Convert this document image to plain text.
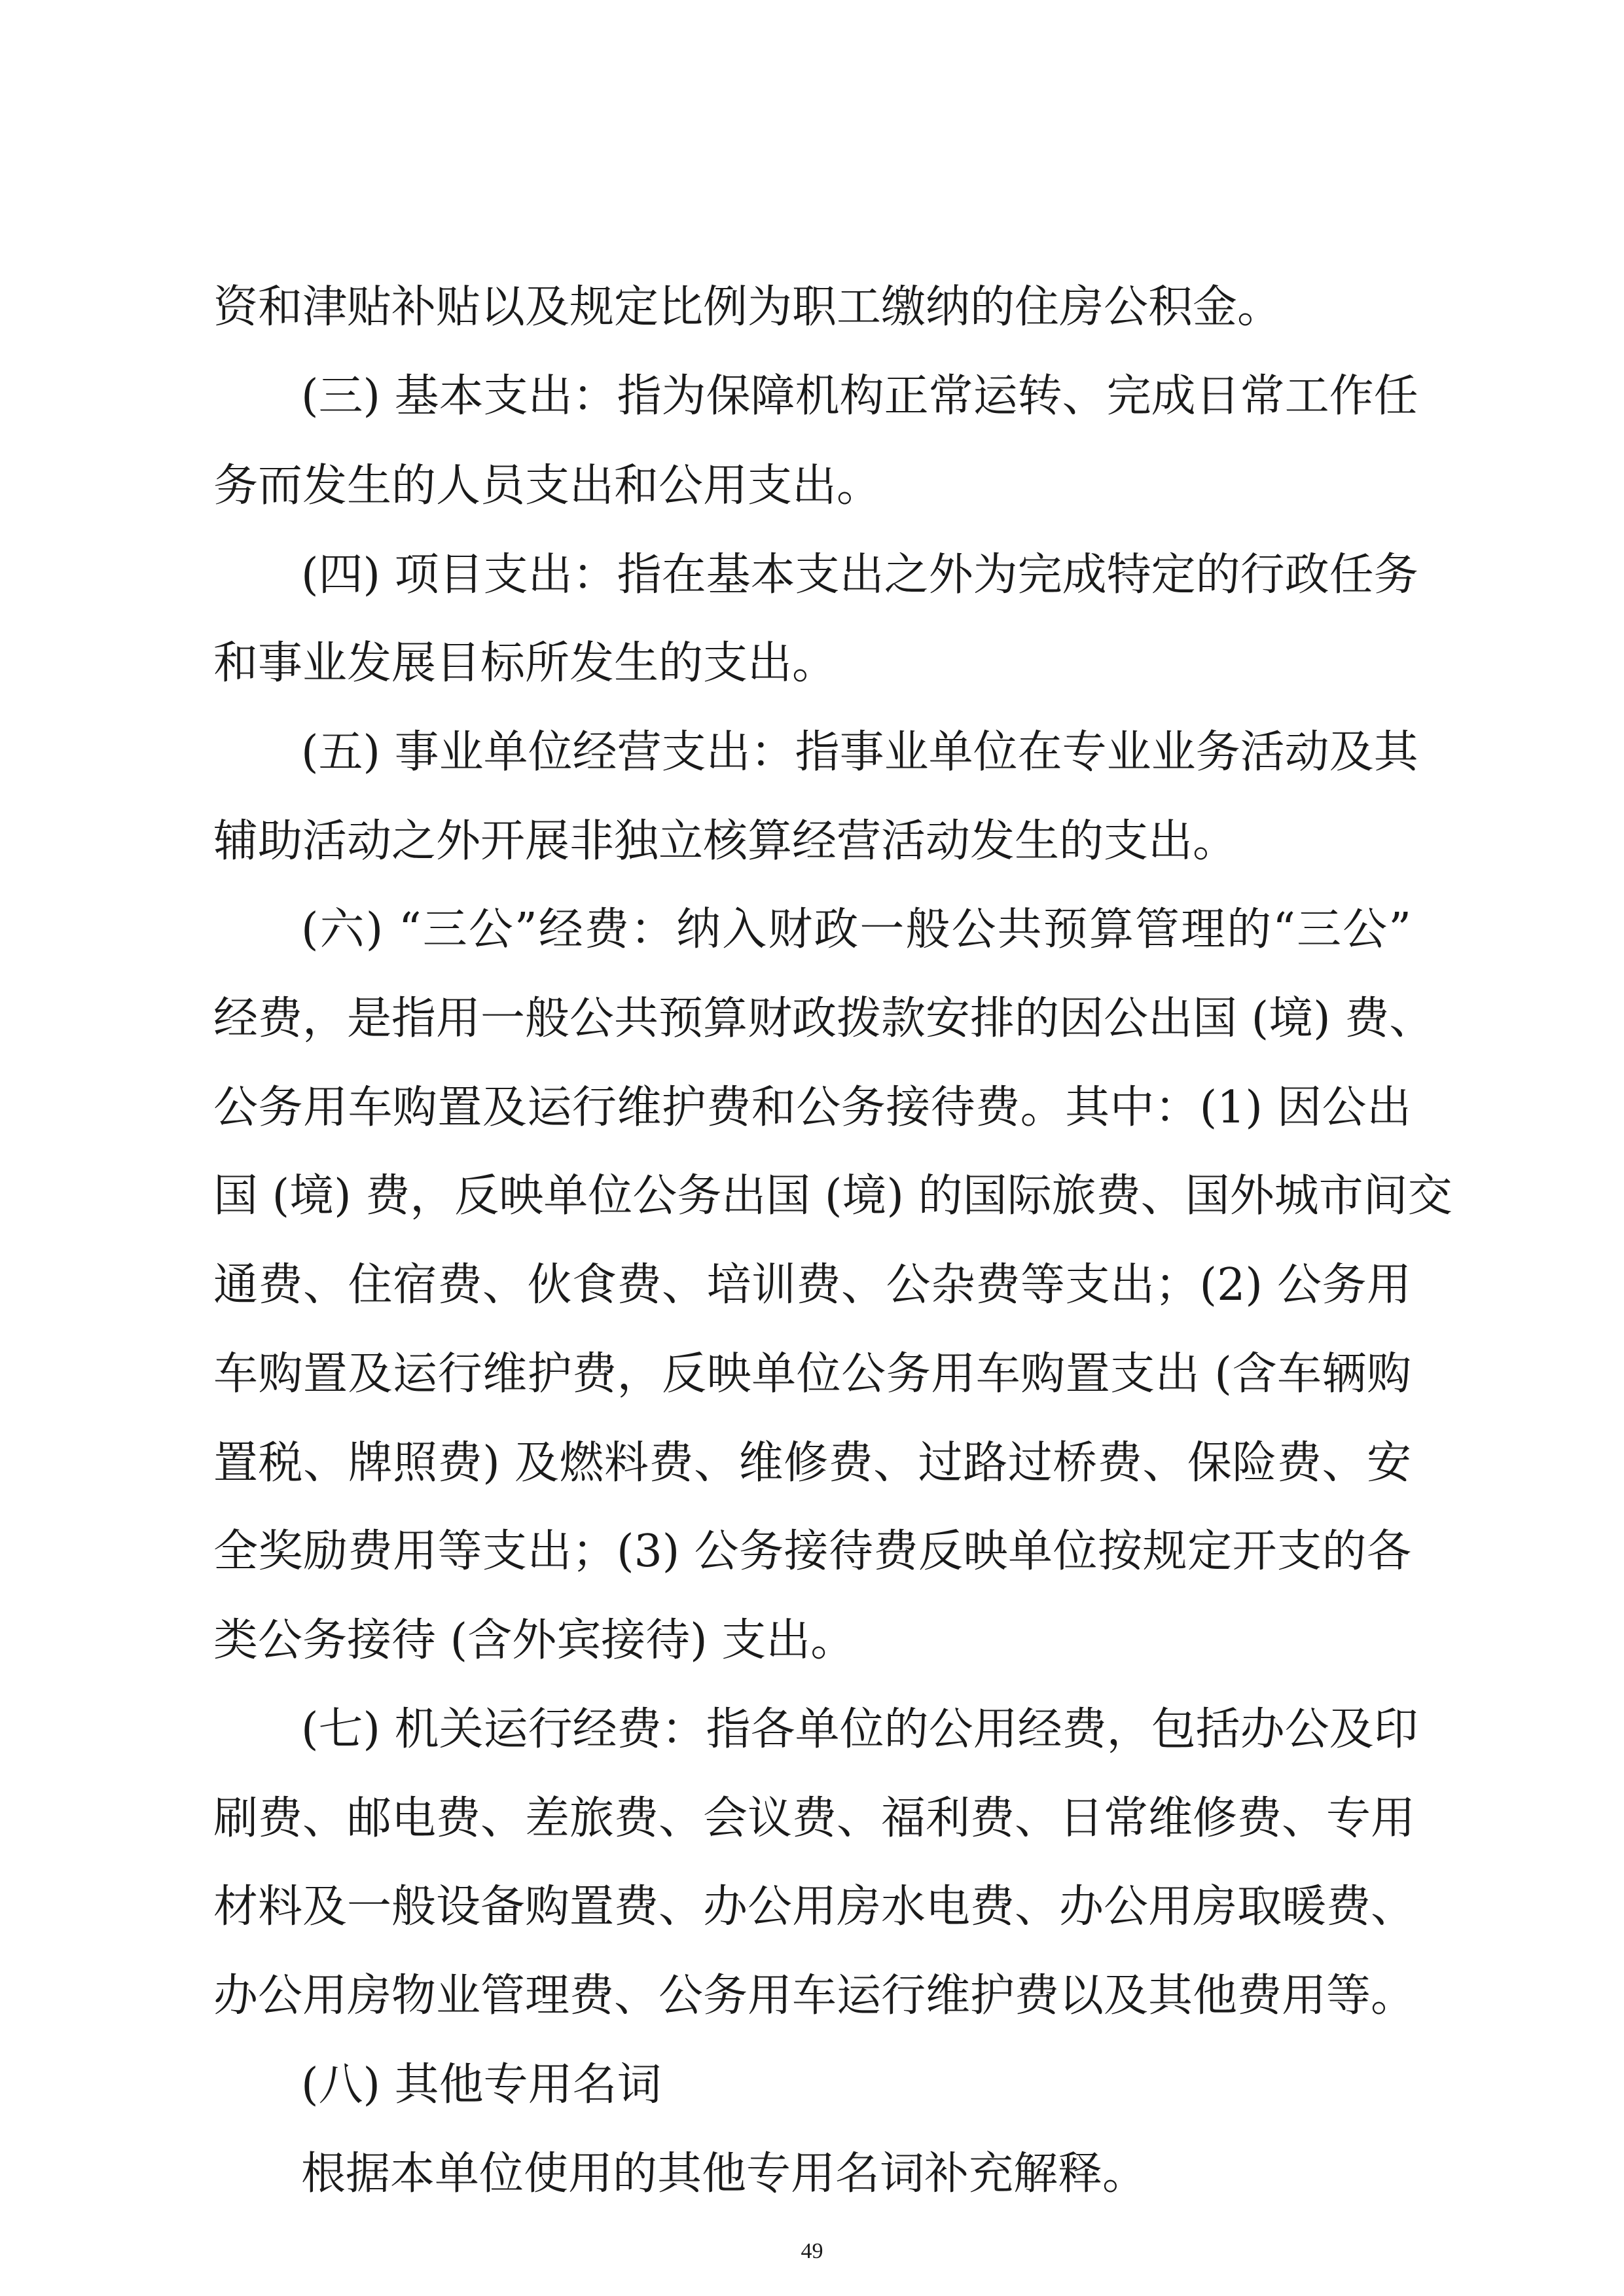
资和津贴补贴以及规定比例为职工缴纳的住房公积金。
(三) 基本支出：指为保障机构正常运转、完成日常工作任
务而发生的人员支出和公用支出。
(四) 项目支出：指在基本支出之外为完成特定的行政任务
和事业发展目标所发生的支出。
(五) 事业单位经营支出：指事业单位在专业业务活动及其
辅助活动之外开展非独立核算经营活动发生的支出。
(六) “三公”经费：纳入财政一般公共预算管理的“三公”
经费，是指用一般公共预算财政拨款安排的因公出国 (境) 费、
公务用车购置及运行维护费和公务接待费。其中：(1) 因公出
国 (境) 费，反映单位公务出国 (境) 的国际旅费、国外城市间交
通费、住宿费、伙食费、培训费、公杂费等支出；(2) 公务用
车购置及运行维护费，反映单位公务用车购置支出 (含车辆购
置税、牌照费) 及燃料费、维修费、过路过桥费、保险费、安
全奖励费用等支出；(3) 公务接待费反映单位按规定开支的各
类公务接待 (含外宾接待) 支出。
(七) 机关运行经费：指各单位的公用经费，包括办公及印
刷费、邮电费、差旅费、会议费、福利费、日常维修费、专用
材料及一般设备购置费、办公用房水电费、办公用房取暖费、
办公用房物业管理费、公务用车运行维护费以及其他费用等。
(八) 其他专用名词
根据本单位使用的其他专用名词补充解释。
49
